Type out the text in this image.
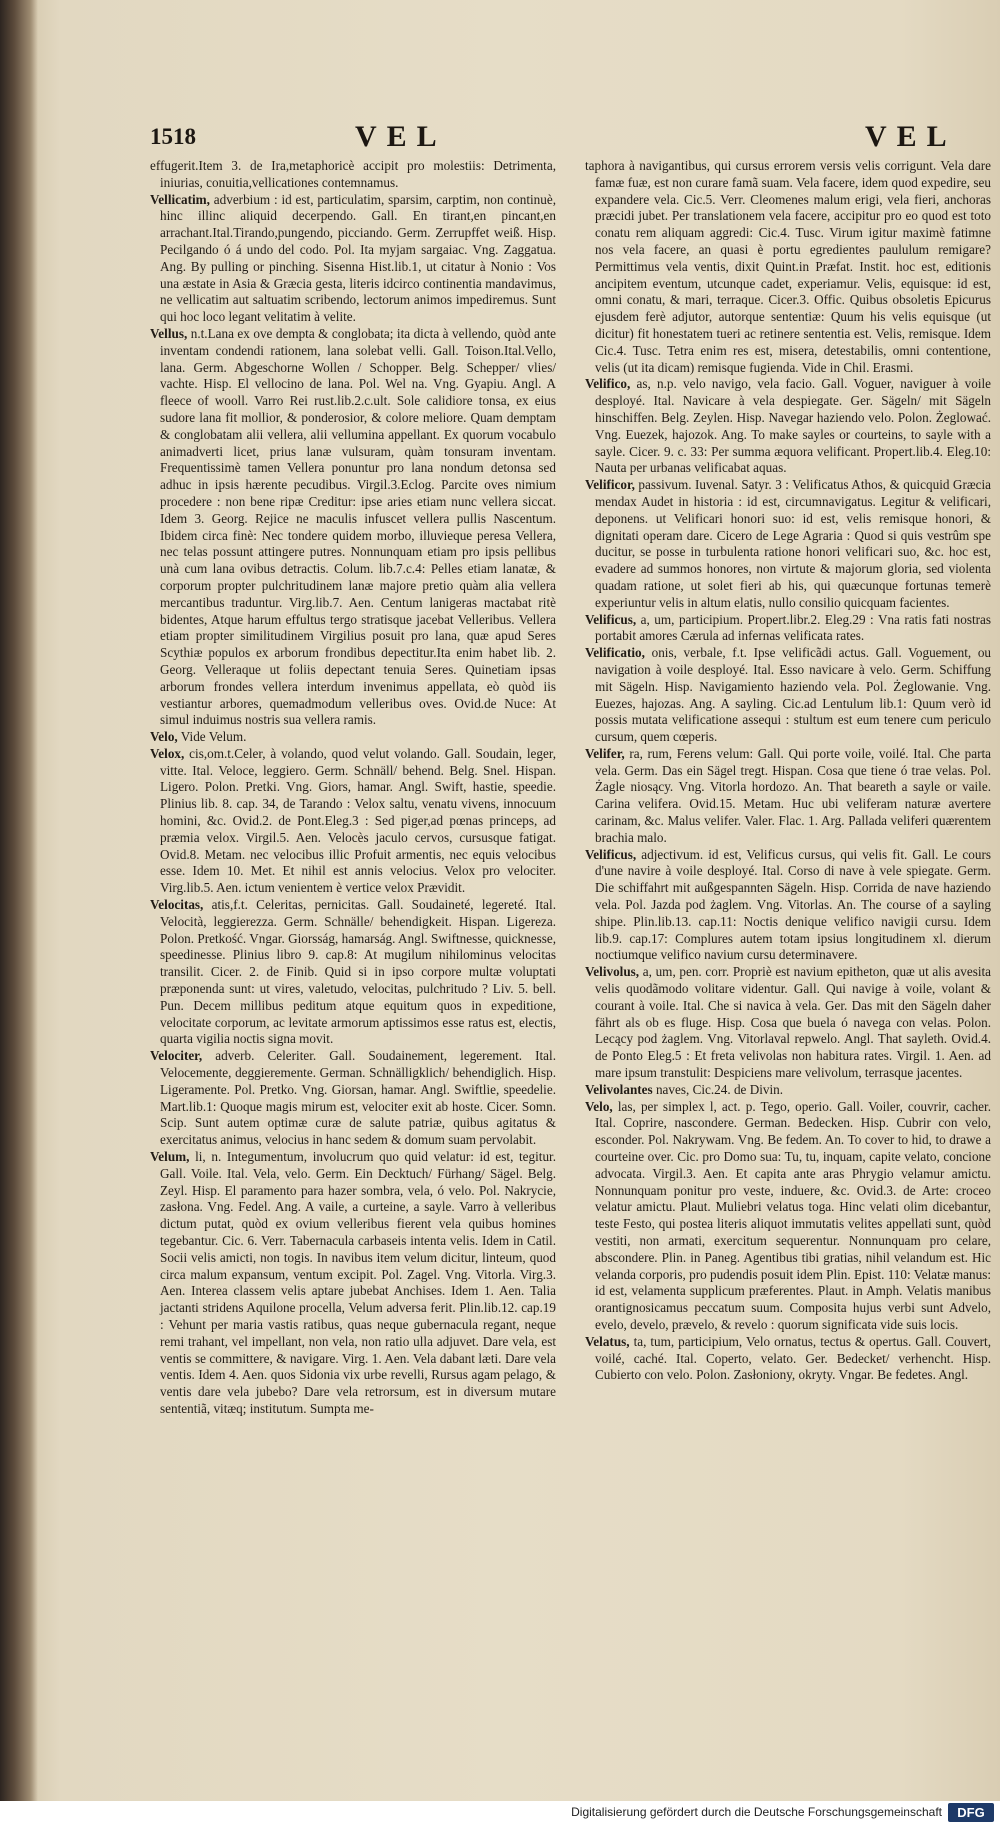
1518	VEL	VEL

effugerit.Item 3. de Ira,metaphoricè accipit pro molestiis: Detrimenta, iniurias, conuitia,vellicationes contemnamus.

Vellicatim, adverbium : id est, particulatim, sparsim, carptim, non continuè, hinc illinc aliquid decerpendo. Gall. En tirant,en pincant,en arrachant.Ital.Tirando,pungendo, picciando. Germ. Zerrupffet weiß. Hisp. Pecilgando ó á undo del codo. Pol. Ita myjam sargaiac. Vng. Zaggatua. Ang. By pulling or pinching. Sisenna Hist.lib.1, ut citatur à Nonio : Vos una æstate in Asia & Græcia gesta, literis idcirco continentia mandavimus, ne vellicatim aut saltuatim scribendo, lectorum animos impediremus. Sunt qui hoc loco legant velitatim à velite.

Vellus, n.t.Lana ex ove dempta & conglobata; ita dicta à vellendo, quòd ante inventam condendi rationem, lana solebat velli. Gall. Toison.Ital.Vello, lana. Germ. Abgeschorne Wollen / Schopper. Belg. Schepper/ vlies/ vachte. Hisp. El vellocino de lana. Pol. Wel na. Vng. Gyapiu. Angl. A fleece of wooll. Varro Rei rust.lib.2.c.ult. Sole calidiore tonsa, ex eius sudore lana fit mollior, & ponderosior, & colore meliore. Quam demptam & conglobatam alii vellera, alii vellumina appellant. Ex quorum vocabulo animadverti licet, prius lanæ vulsuram, quàm tonsuram inventam. Frequentissimè tamen Vellera ponuntur pro lana nondum detonsa sed adhuc in ipsis hærente pecudibus. Virgil.3.Eclog. Parcite oves nimium procedere : non bene ripæ Creditur: ipse aries etiam nunc vellera siccat. Idem 3. Georg. Rejice ne maculis infuscet vellera pullis Nascentum. Ibidem circa finè: Nec tondere quidem morbo, illuvieque peresa Vellera, nec telas possunt attingere putres. Nonnunquam etiam pro ipsis pellibus unà cum lana ovibus detractis. Colum. lib.7.c.4: Pelles etiam lanatæ, & corporum propter pulchritudinem lanæ majore pretio quàm alia vellera mercantibus traduntur. Virg.lib.7. Aen. Centum lanigeras mactabat ritè bidentes, Atque harum effultus tergo stratisque jacebat Velleribus. Vellera etiam propter similitudinem Virgilius posuit pro lana, quæ apud Seres Scythiæ populos ex arborum frondibus depectitur.Ita enim habet lib. 2. Georg. Velleraque ut foliis depectant tenuia Seres. Quinetiam ipsas arborum frondes vellera interdum invenimus appellata, eò quòd iis vestiantur arbores, quemadmodum velleribus oves. Ovid.de Nuce: At simul induimus nostris sua vellera ramis.

Velo, Vide Velum.

Velox, cis,om.t.Celer, à volando, quod velut volando. Gall. Soudain, leger, vitte. Ital. Veloce, leggiero. Germ. Schnäll/ behend. Belg. Snel. Hispan. Ligero. Polon. Pretki. Vng. Giors, hamar. Angl. Swift, hastie, speedie. Plinius lib. 8. cap. 34, de Tarando : Velox saltu, venatu vivens, innocuum homini, &c. Ovid.2. de Pont.Eleg.3 : Sed piger,ad pœnas princeps, ad præmia velox. Virgil.5. Aen. Velocès jaculo cervos, cursusque fatigat. Ovid.8. Metam. nec velocibus illic Profuit armentis, nec equis velocibus esse. Idem 10. Met. Et nihil est annis velocius. Velox pro velociter. Virg.lib.5. Aen. ictum venientem è vertice velox Prævidit.

Velocitas, atis,f.t. Celeritas, pernicitas. Gall. Soudaineté, legereté. Ital. Velocità, leggierezza. Germ. Schnälle/ behendigkeit. Hispan. Ligereza. Polon. Pretkość. Vngar. Giorsság, hamarság. Angl. Swiftnesse, quicknesse, speedinesse. Plinius libro 9. cap.8: At mugilum nihilominus velocitas transilit. Cicer. 2. de Finib. Quid si in ipso corpore multæ voluptati præponenda sunt: ut vires, valetudo, velocitas, pulchritudo ? Liv. 5. bell. Pun. Decem millibus peditum atque equitum quos in expeditione, velocitate corporum, ac levitate armorum aptissimos esse ratus est, electis, quarta vigilia noctis signa movit.

Velociter, adverb. Celeriter. Gall. Soudainement, legerement. Ital. Velocemente, deggieremente. German. Schnälligklich/ behendiglich. Hisp. Ligeramente. Pol. Pretko. Vng. Giorsan, hamar. Angl. Swiftlie, speedelie. Mart.lib.1: Quoque magis mirum est, velociter exit ab hoste. Cicer. Somn. Scip. Sunt autem optimæ curæ de salute patriæ, quibus agitatus & exercitatus animus, velocius in hanc sedem & domum suam pervolabit.

Velum, li, n. Integumentum, involucrum quo quid velatur: id est, tegitur. Gall. Voile. Ital. Vela, velo. Germ. Ein Decktuch/ Fürhang/ Sägel. Belg. Zeyl. Hisp. El paramento para hazer sombra, vela, ó velo. Pol. Nakrycie, zasłona. Vng. Fedel. Ang. A vaile, a curteine, a sayle. Varro à velleribus dictum putat, quòd ex ovium velleribus fierent vela quibus homines tegebantur. Cic. 6. Verr. Tabernacula carbaseis intenta velis. Idem in Catil. Socii velis amicti, non togis. In navibus item velum dicitur, linteum, quod circa malum expansum, ventum excipit. Pol. Zagel. Vng. Vitorla. Virg.3. Aen. Interea classem velis aptare jubebat Anchises. Idem 1. Aen. Talia jactanti stridens Aquilone procella, Velum adversa ferit. Plin.lib.12. cap.19 : Vehunt per maria vastis ratibus, quas neque gubernacula regant, neque remi trahant, vel impellant, non vela, non ratio ulla adjuvet. Dare vela, est ventis se committere, & navigare. Virg. 1. Aen. Vela dabant læti. Dare vela ventis. Idem 4. Aen. quos Sidonia vix urbe revelli, Rursus agam pelago, & ventis dare vela jubebo? Dare vela retrorsum, est in diversum mutare sententiã, vitæq; institutum. Sumpta me-

taphora à navigantibus, qui cursus errorem versis velis corrigunt. Vela dare famæ fuæ, est non curare famã suam. Vela facere, idem quod expedire, seu expandere vela. Cic.5. Verr. Cleomenes malum erigi, vela fieri, anchoras præcidi jubet. Per translationem vela facere, accipitur pro eo quod est toto conatu rem aliquam aggredi: Cic.4. Tusc. Virum igitur maximè fatimne nos vela facere, an quasi è portu egredientes paululum remigare? Permittimus vela ventis, dixit Quint.in Præfat. Instit. hoc est, editionis ancipitem eventum, utcunque cadet, experiamur. Velis, equisque: id est, omni conatu, & mari, terraque. Cicer.3. Offic. Quibus obsoletis Epicurus ejusdem ferè adjutor, autorque sententiæ: Quum his velis equisque (ut dicitur) fit honestatem tueri ac retinere sententia est. Velis, remisque. Idem Cic.4. Tusc. Tetra enim res est, misera, detestabilis, omni contentione, velis (ut ita dicam) remisque fugienda. Vide in Chil. Erasmi.

Velifico, as, n.p. velo navigo, vela facio. Gall. Voguer, naviguer à voile desployé. Ital. Navicare à vela despiegate. Ger. Sägeln/ mit Sägeln hinschiffen. Belg. Zeylen. Hisp. Navegar haziendo velo. Polon. Żeglować. Vng. Euezek, hajozok. Ang. To make sayles or courteins, to sayle with a sayle. Cicer. 9. c. 33: Per summa æquora velificant. Propert.lib.4. Eleg.10: Nauta per urbanas velificabat aquas.

Velificor, passivum. Iuvenal. Satyr. 3 : Velificatus Athos, & quicquid Græcia mendax Audet in historia : id est, circumnavigatus. Legitur & velificari, deponens. ut Velificari honori suo: id est, velis remisque honori, & dignitati operam dare. Cicero de Lege Agraria : Quod si quis vestrûm spe ducitur, se posse in turbulenta ratione honori velificari suo, &c. hoc est, evadere ad summos honores, non virtute & majorum gloria, sed violenta quadam ratione, ut solet fieri ab his, qui quæcunque fortunas temerè experiuntur velis in altum elatis, nullo consilio quicquam facientes.

Velificus, a, um, participium. Propert.libr.2. Eleg.29 : Vna ratis fati nostras portabit amores Cærula ad infernas velificata rates.

Velificatio, onis, verbale, f.t. Ipse velificãdi actus. Gall. Voguement, ou navigation à voile desployé. Ital. Esso navicare à velo. Germ. Schiffung mit Sägeln. Hisp. Navigamiento haziendo vela. Pol. Żeglowanie. Vng. Euezes, hajozas. Ang. A sayling. Cic.ad Lentulum lib.1: Quum verò id possis mutata velificatione assequi : stultum est eum tenere cum periculo cursum, quem cœperis.

Velifer, ra, rum, Ferens velum: Gall. Qui porte voile, voilé. Ital. Che parta vela. Germ. Das ein Sägel tregt. Hispan. Cosa que tiene ó trae velas. Pol. Żagle niosący. Vng. Vitorla hordozo. An. That beareth a sayle or vaile. Carina velifera. Ovid.15. Metam. Huc ubi veliferam naturæ avertere carinam, &c. Malus velifer. Valer. Flac. 1. Arg. Pallada veliferi quærentem brachia malo.

Velificus, adjectivum. id est, Velificus cursus, qui velis fit. Gall. Le cours d'une navire à voile desployé. Ital. Corso di nave à vele spiegate. Germ. Die schiffahrt mit außgespannten Sägeln. Hisp. Corrida de nave haziendo vela. Pol. Jazda pod żaglem. Vng. Vitorlas. An. The course of a sayling shipe. Plin.lib.13. cap.11: Noctis denique velifico navigii cursu. Idem lib.9. cap.17: Complures autem totam ipsius longitudinem xl. dierum noctiumque velifico navium cursu determinavere.

Velivolus, a, um, pen. corr. Propriè est navium epitheton, quæ ut alis avesita velis quodãmodo volitare videntur. Gall. Qui navige à voile, volant & courant à voile. Ital. Che si navica à vela. Ger. Das mit den Sägeln daher fährt als ob es fluge. Hisp. Cosa que buela ó navega con velas. Polon. Lecący pod żaglem. Vng. Vitorlaval repwelo. Angl. That sayleth. Ovid.4. de Ponto Eleg.5 : Et freta velivolas non habitura rates. Virgil. 1. Aen. ad mare ipsum transtulit: Despiciens mare velivolum, terrasque jacentes.

Velivolantes naves, Cic.24. de Divin.

Velo, las, per simplex l, act. p. Tego, operio. Gall. Voiler, couvrir, cacher. Ital. Coprire, nascondere. German. Bedecken. Hisp. Cubrir con velo, esconder. Pol. Nakrywam. Vng. Be fedem. An. To cover to hid, to drawe a courteine over. Cic. pro Domo sua: Tu, tu, inquam, capite velato, concione advocata. Virgil.3. Aen. Et capita ante aras Phrygio velamur amictu. Nonnunquam ponitur pro veste, induere, &c. Ovid.3. de Arte: croceo velatur amictu. Plaut. Muliebri velatus toga. Hinc velati olim dicebantur, teste Festo, qui postea literis aliquot immutatis velites appellati sunt, quòd vestiti, non armati, exercitum sequerentur. Nonnunquam pro celare, abscondere. Plin. in Paneg. Agentibus tibi gratias, nihil velandum est. Hic velanda corporis, pro pudendis posuit idem Plin. Epist. 110: Velatæ manus: id est, velamenta supplicum præferentes. Plaut. in Amph. Velatis manibus orantignosicamus peccatum suum. Composita hujus verbi sunt Advelo, evelo, develo, prævelo, & revelo : quorum significata vide suis locis.

Velatus, ta, tum, participium, Velo ornatus, tectus & opertus. Gall. Couvert, voilé, caché. Ital. Coperto, velato. Ger. Bedecket/ verhencht. Hisp. Cubierto con velo. Polon. Zasłoniony, okryty. Vngar. Be fedetes. Angl.

Digitalisierung gefördert durch die Deutsche Forschungsgemeinschaft	DFG
